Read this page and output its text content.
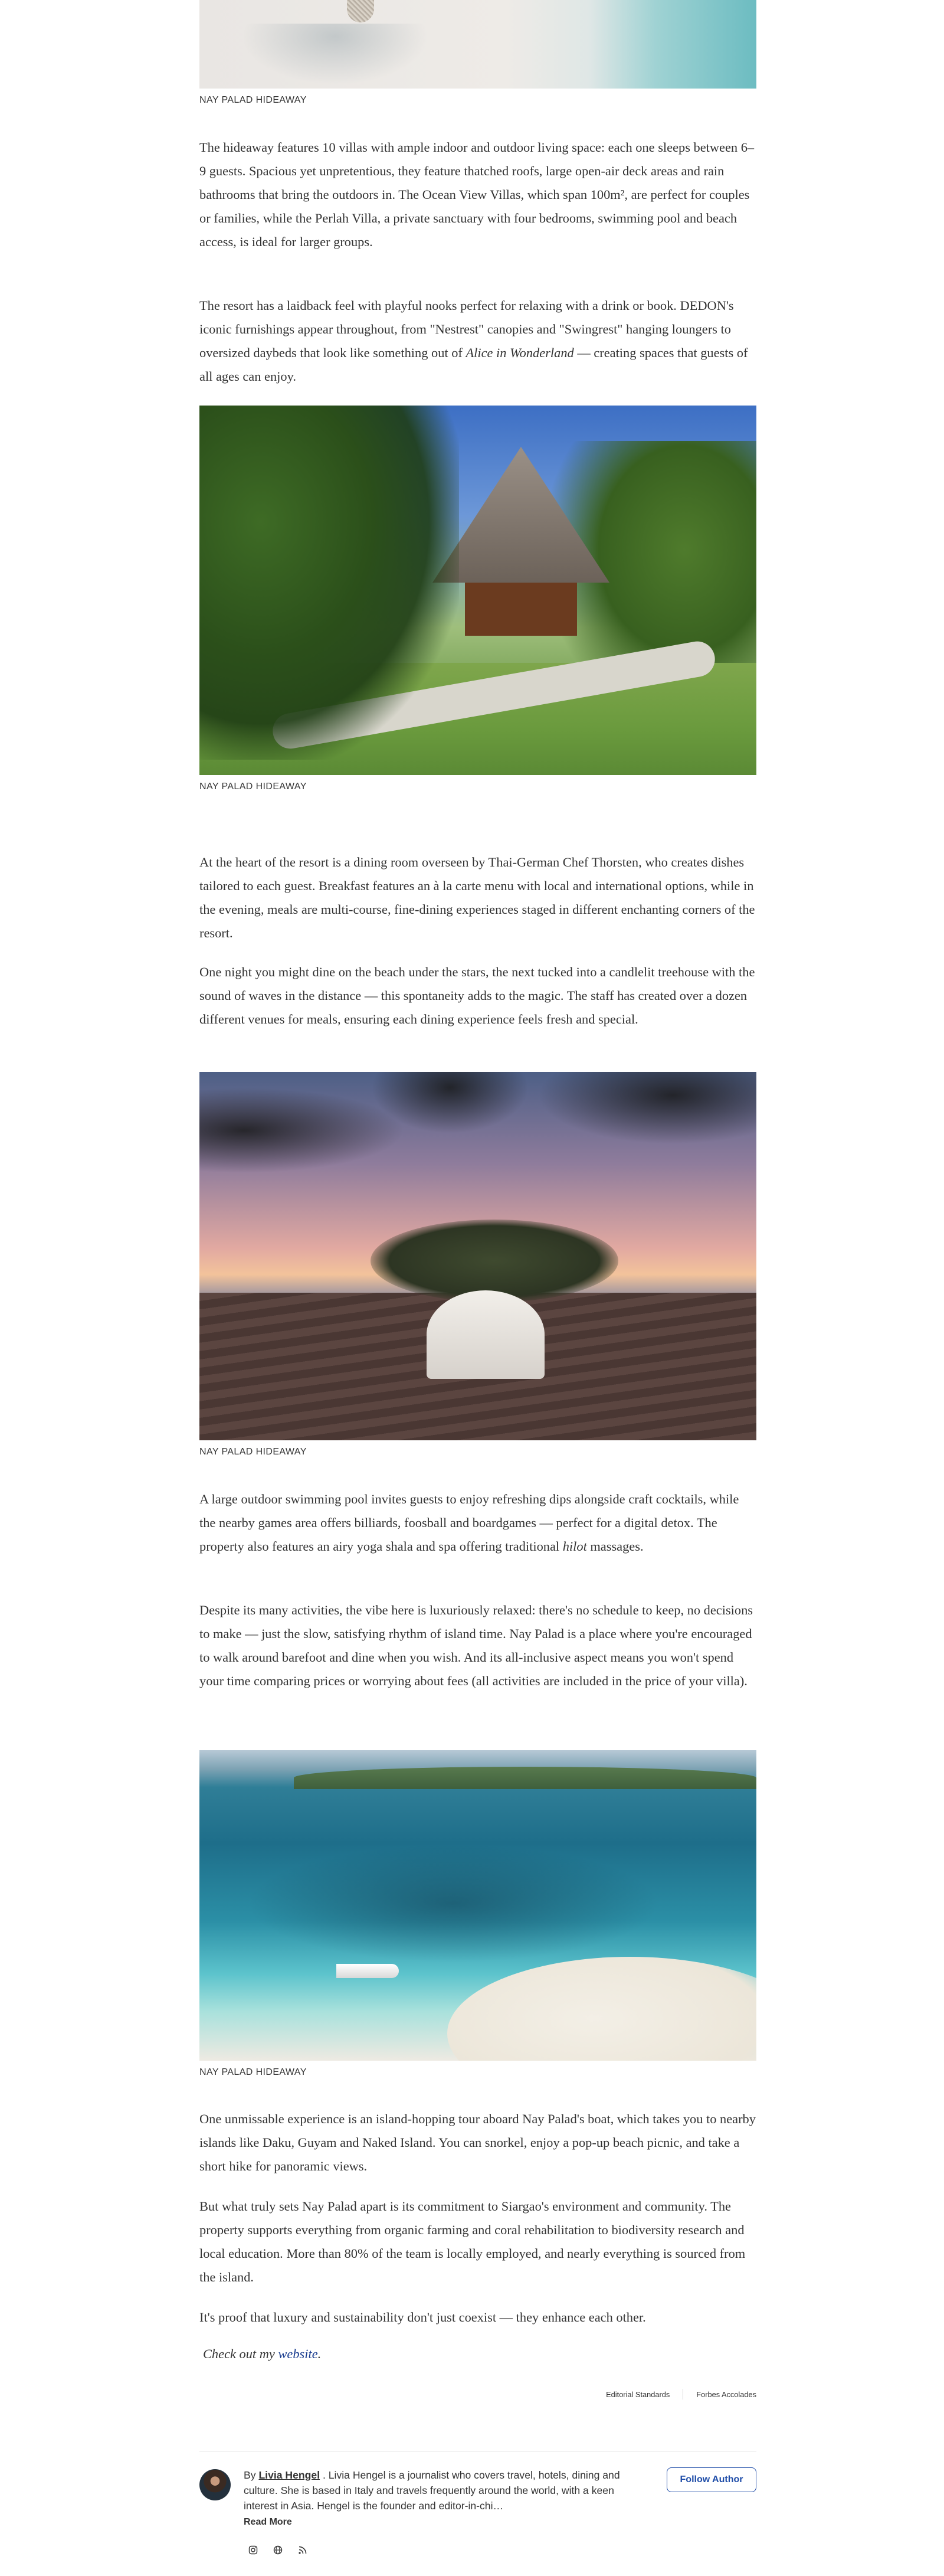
NAY PALAD HIDEAWAY

The hideaway features 10 villas with ample indoor and outdoor living space: each one sleeps between 6–9 guests. Spacious yet unpretentious, they feature thatched roofs, large open-air deck areas and rain bathrooms that bring the outdoors in. The Ocean View Villas, which span 100m², are perfect for couples or families, while the Perlah Villa, a private sanctuary with four bedrooms, swimming pool and beach access, is ideal for larger groups.

The resort has a laidback feel with playful nooks perfect for relaxing with a drink or book. DEDON's iconic furnishings appear throughout, from "Nestrest" canopies and "Swingrest" hanging loungers to oversized daybeds that look like something out of Alice in Wonderland — creating spaces that guests of all ages can enjoy.

NAY PALAD HIDEAWAY

At the heart of the resort is a dining room overseen by Thai-German Chef Thorsten, who creates dishes tailored to each guest. Breakfast features an à la carte menu with local and international options, while in the evening, meals are multi-course, fine-dining experiences staged in different enchanting corners of the resort.

One night you might dine on the beach under the stars, the next tucked into a candlelit treehouse with the sound of waves in the distance — this spontaneity adds to the magic. The staff has created over a dozen different venues for meals, ensuring each dining experience feels fresh and special.

NAY PALAD HIDEAWAY

A large outdoor swimming pool invites guests to enjoy refreshing dips alongside craft cocktails, while the nearby games area offers billiards, foosball and boardgames — perfect for a digital detox. The property also features an airy yoga shala and spa offering traditional hilot massages.

Despite its many activities, the vibe here is luxuriously relaxed: there's no schedule to keep, no decisions to make — just the slow, satisfying rhythm of island time. Nay Palad is a place where you're encouraged to walk around barefoot and dine when you wish. And its all-inclusive aspect means you won't spend your time comparing prices or worrying about fees (all activities are included in the price of your villa).

NAY PALAD HIDEAWAY

One unmissable experience is an island-hopping tour aboard Nay Palad's boat, which takes you to nearby islands like Daku, Guyam and Naked Island. You can snorkel, enjoy a pop-up beach picnic, and take a short hike for panoramic views.

But what truly sets Nay Palad apart is its commitment to Siargao's environment and community. The property supports everything from organic farming and coral rehabilitation to biodiversity research and local education. More than 80% of the team is locally employed, and nearly everything is sourced from the island.

It's proof that luxury and sustainability don't just coexist — they enhance each other.

Check out my website.

Editorial Standards	Forbes Accolades
By Livia Hengel . Livia Hengel is a journalist who covers travel, hotels, dining and culture. She is based in Italy and travels frequently around the world, with a keen interest in Asia. Hengel is the founder and editor-in-chi…
Read More
Follow Author
